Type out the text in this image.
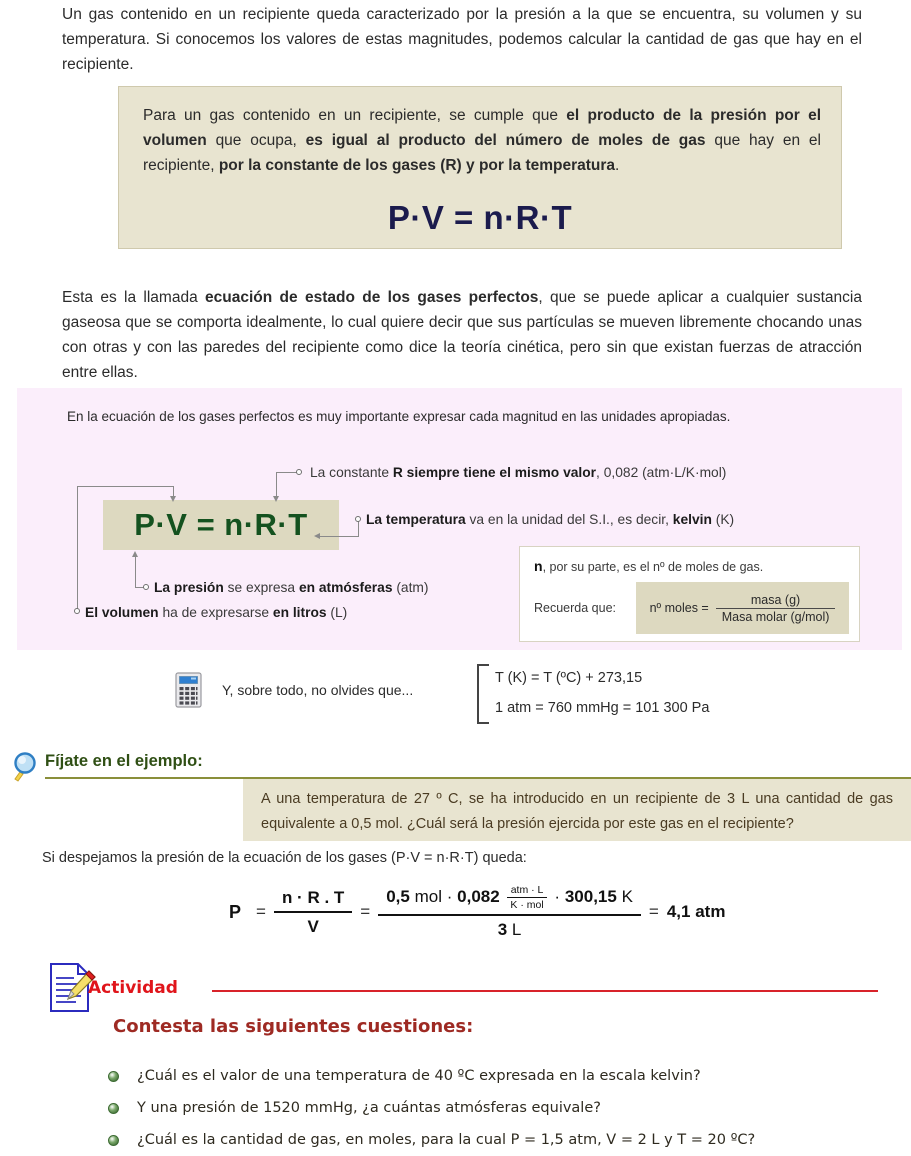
Un gas contenido en un recipiente queda caracterizado por la presión a la que se encuentra, su volumen y su temperatura. Si conocemos los valores de estas magnitudes, podemos calcular la cantidad de gas que hay en el recipiente.
Para un gas contenido en un recipiente, se cumple que el producto de la presión por el volumen que ocupa, es igual al producto del número de moles de gas que hay en el recipiente, por la constante de los gases (R) y por la temperatura.
P·V = n·R·T
Esta es la llamada ecuación de estado de los gases perfectos, que se puede aplicar a cualquier sustancia gaseosa que se comporta idealmente, lo cual quiere decir que sus partículas se mueven libremente chocando unas con otras y con las paredes del recipiente como dice la teoría cinética, pero sin que existan fuerzas de atracción entre ellas.
En la ecuación de los gases perfectos es muy importante expresar cada magnitud en las unidades apropiadas.
P·V = n·R·T
La constante R siempre tiene el mismo valor, 0,082 (atm·L/K·mol)
La temperatura va en la unidad del S.I., es decir, kelvin (K)
La presión se expresa en atmósferas (atm)
El volumen ha de expresarse en litros (L)
n, por su parte, es el nº de moles de gas.
Recuerda que:	nº moles = $\frac{\text{masa (g)}}{\text{Masa molar (g/mol)}}$
Y, sobre todo, no olvides que...
T (K) = T (ºC) + 273,15
1 atm = 760 mmHg = 101 300 Pa
Fíjate en el ejemplo:
A una temperatura de 27 º C, se ha introducido en un recipiente de 3 L una cantidad de gas equivalente a 0,5 mol. ¿Cuál será la presión ejercida por este gas en el recipiente?
Si despejamos la presión de la ecuación de los gases (P·V = n·R·T) queda:
$P = \frac{n \cdot R . T}{V}$ =
0,5 mol · 0,082	atm · L
K · mol · 300,15 K
3 L
= 4,1 atm
Actividad
Contesta las siguientes cuestiones:
¿Cuál es el valor de una temperatura de 40 ºC expresada en la escala kelvin?
Y una presión de 1520 mmHg, ¿a cuántas atmósferas equivale?
¿Cuál es la cantidad de gas, en moles, para la cual P = 1,5 atm, V = 2 L y T = 20 ºC?
